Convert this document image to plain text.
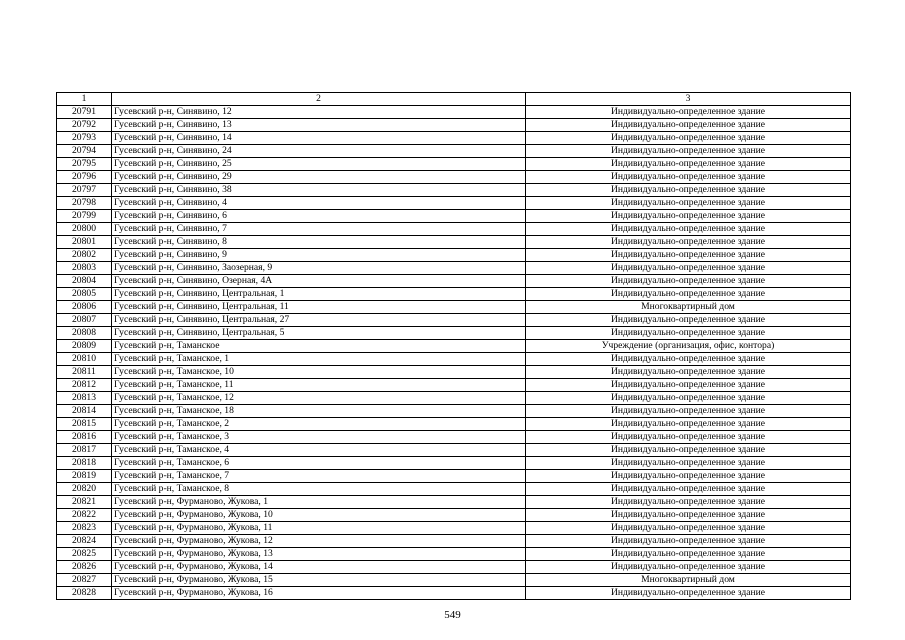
1	2	3
20791	Гусевский р-н, Синявино, 12	Индивидуально-определенное здание
20792	Гусевский р-н, Синявино, 13	Индивидуально-определенное здание
20793	Гусевский р-н, Синявино, 14	Индивидуально-определенное здание
20794	Гусевский р-н, Синявино, 24	Индивидуально-определенное здание
20795	Гусевский р-н, Синявино, 25	Индивидуально-определенное здание
20796	Гусевский р-н, Синявино, 29	Индивидуально-определенное здание
20797	Гусевский р-н, Синявино, 38	Индивидуально-определенное здание
20798	Гусевский р-н, Синявино, 4	Индивидуально-определенное здание
20799	Гусевский р-н, Синявино, 6	Индивидуально-определенное здание
20800	Гусевский р-н, Синявино, 7	Индивидуально-определенное здание
20801	Гусевский р-н, Синявино, 8	Индивидуально-определенное здание
20802	Гусевский р-н, Синявино, 9	Индивидуально-определенное здание
20803	Гусевский р-н, Синявино, Заозерная, 9	Индивидуально-определенное здание
20804	Гусевский р-н, Синявино, Озерная, 4А	Индивидуально-определенное здание
20805	Гусевский р-н, Синявино, Центральная, 1	Индивидуально-определенное здание
20806	Гусевский р-н, Синявино, Центральная, 11	Многоквартирный дом
20807	Гусевский р-н, Синявино, Центральная, 27	Индивидуально-определенное здание
20808	Гусевский р-н, Синявино, Центральная, 5	Индивидуально-определенное здание
20809	Гусевский р-н, Таманское	Учреждение (организация, офис, контора)
20810	Гусевский р-н, Таманское, 1	Индивидуально-определенное здание
20811	Гусевский р-н, Таманское, 10	Индивидуально-определенное здание
20812	Гусевский р-н, Таманское, 11	Индивидуально-определенное здание
20813	Гусевский р-н, Таманское, 12	Индивидуально-определенное здание
20814	Гусевский р-н, Таманское, 18	Индивидуально-определенное здание
20815	Гусевский р-н, Таманское, 2	Индивидуально-определенное здание
20816	Гусевский р-н, Таманское, 3	Индивидуально-определенное здание
20817	Гусевский р-н, Таманское, 4	Индивидуально-определенное здание
20818	Гусевский р-н, Таманское, 6	Индивидуально-определенное здание
20819	Гусевский р-н, Таманское, 7	Индивидуально-определенное здание
20820	Гусевский р-н, Таманское, 8	Индивидуально-определенное здание
20821	Гусевский р-н, Фурманово, Жукова, 1	Индивидуально-определенное здание
20822	Гусевский р-н, Фурманово, Жукова, 10	Индивидуально-определенное здание
20823	Гусевский р-н, Фурманово, Жукова, 11	Индивидуально-определенное здание
20824	Гусевский р-н, Фурманово, Жукова, 12	Индивидуально-определенное здание
20825	Гусевский р-н, Фурманово, Жукова, 13	Индивидуально-определенное здание
20826	Гусевский р-н, Фурманово, Жукова, 14	Индивидуально-определенное здание
20827	Гусевский р-н, Фурманово, Жукова, 15	Многоквартирный дом
20828	Гусевский р-н, Фурманово, Жукова, 16	Индивидуально-определенное здание
549
